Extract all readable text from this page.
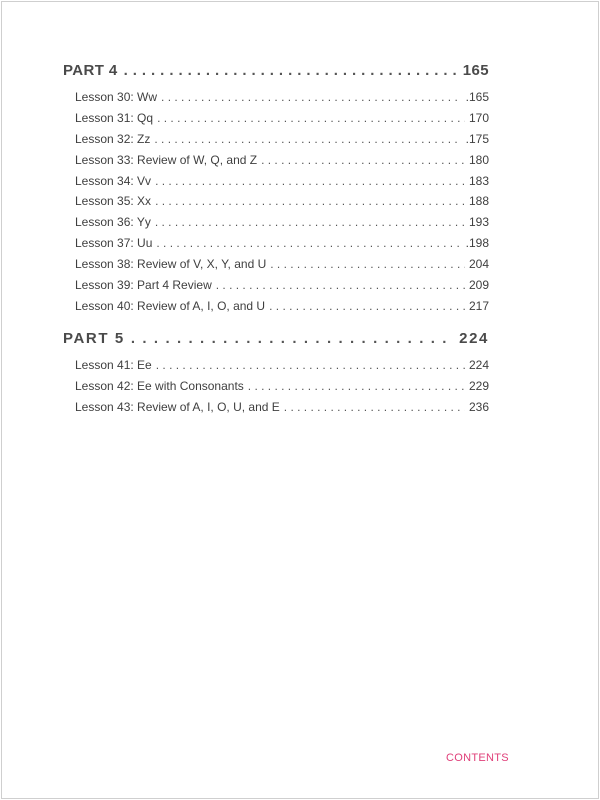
PART 4 . . .	165
Lesson 30: Ww . . .	.165
Lesson 31: Qq . . .	170
Lesson 32: Zz . . .	.175
Lesson 33: Review of W, Q, and Z . . .	180
Lesson 34: Vv . . .	183
Lesson 35: Xx . . .	188
Lesson 36: Yy . . .	193
Lesson 37: Uu . . .	.198
Lesson 38: Review of V, X, Y, and U . . .	204
Lesson 39: Part 4 Review . . .	209
Lesson 40: Review of A, I, O, and U . . .	217
PART 5 . . .	224
Lesson 41: Ee . . .	224
Lesson 42: Ee with Consonants . . .	229
Lesson 43: Review of A, I, O, U, and E . . .	236
CONTENTS
